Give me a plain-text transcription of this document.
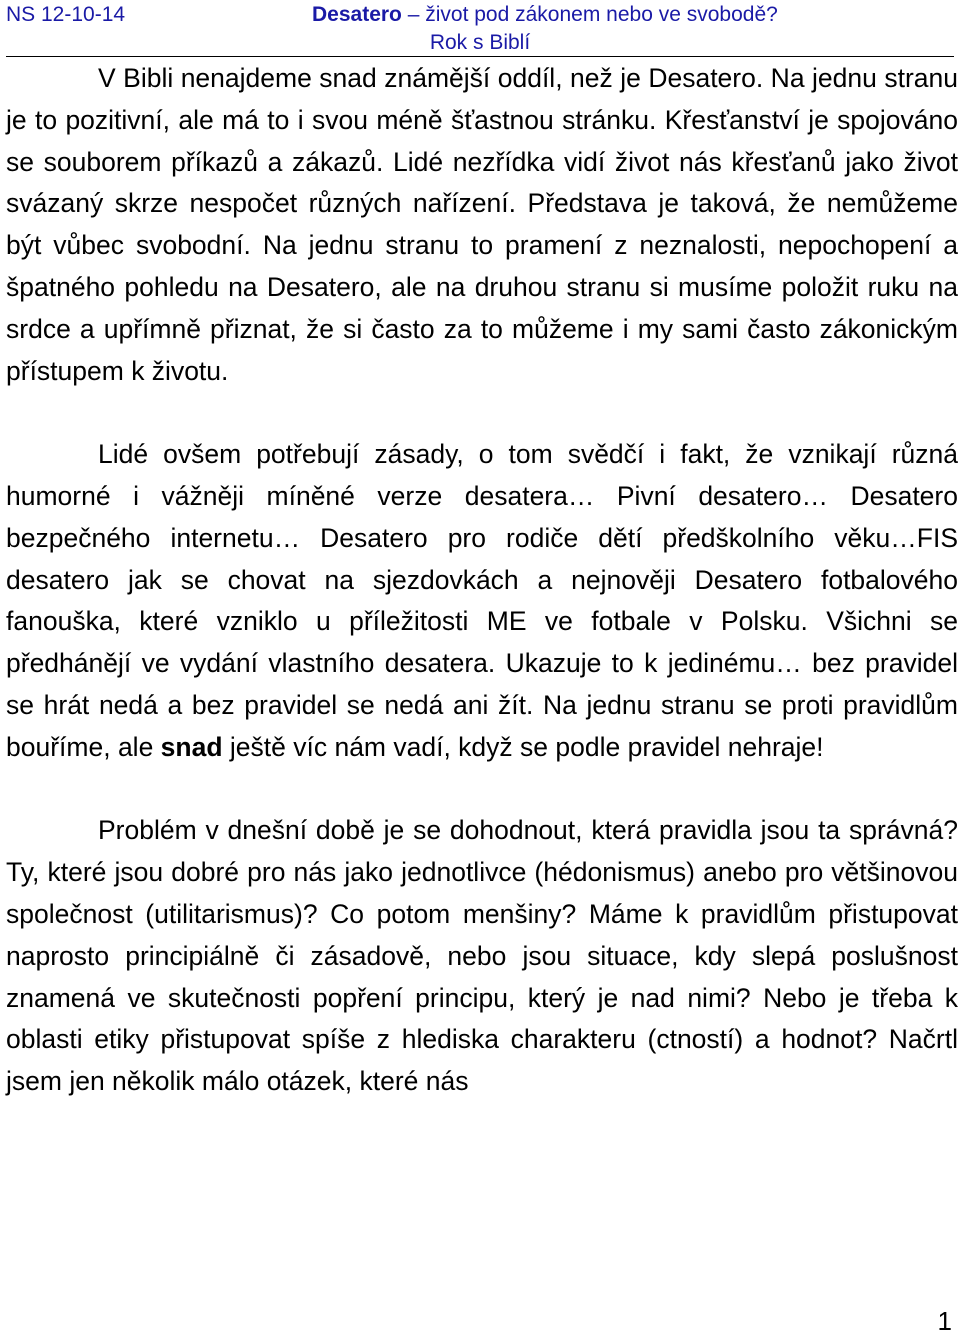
NS 12-10-14	Desatero – život pod zákonem nebo ve svobodě?
Rok s Biblí

V Bibli nenajdeme snad známější oddíl, než je Desatero. Na jednu stranu je to pozitivní, ale má to i svou méně šťastnou stránku. Křesťanství je spojováno se souborem příkazů a zákazů. Lidé nezřídka vidí život nás křesťanů jako život svázaný skrze nespočet různých nařízení. Představa je taková, že nemůžeme být vůbec svobodní. Na jednu stranu to pramení z neznalosti, nepochopení a špatného pohledu na Desatero, ale na druhou stranu si musíme položit ruku na srdce a upřímně přiznat, že si často za to můžeme i my sami často zákonickým přístupem k životu.

Lidé ovšem potřebují zásady, o tom svědčí i fakt, že vznikají různá humorné i vážněji míněné verze desatera… Pivní desatero… Desatero bezpečného internetu… Desatero pro rodiče dětí předškolního věku…FIS desatero jak se chovat na sjezdovkách a nejnověji Desatero fotbalového fanouška, které vzniklo u příležitosti ME ve fotbale v Polsku. Všichni se předhánějí ve vydání vlastního desatera. Ukazuje to k jedinému… bez pravidel se hrát nedá a bez pravidel se nedá ani žít. Na jednu stranu se proti pravidlům bouříme, ale snad ještě víc nám vadí, když se podle pravidel nehraje!

Problém v dnešní době je se dohodnout, která pravidla jsou ta správná? Ty, které jsou dobré pro nás jako jednotlivce (hédonismus) anebo pro většinovou společnost (utilitarismus)? Co potom menšiny? Máme k pravidlům přistupovat naprosto principiálně či zásadově, nebo jsou situace, kdy slepá poslušnost znamená ve skutečnosti popření principu, který je nad nimi? Nebo je třeba k oblasti etiky přistupovat spíše z hlediska charakteru (ctností) a hodnot? Načrtl jsem jen několik málo otázek, které nás

1
